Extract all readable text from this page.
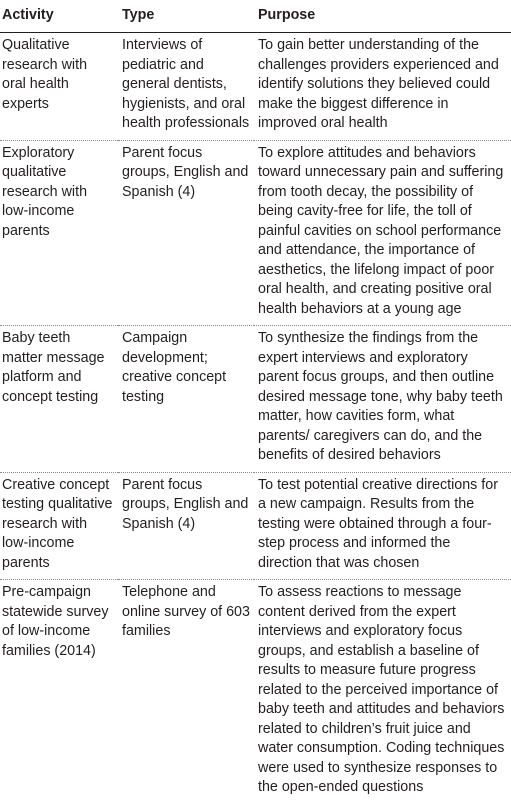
Activity	Type	Purpose
Qualitative research with oral health experts	Interviews of pediatric and general dentists, hygienists, and oral health professionals	To gain better understanding of the challenges providers experienced and identify solutions they believed could make the biggest difference in improved oral health
Exploratory qualitative research with low-income parents	Parent focus groups, English and Spanish (4)	To explore attitudes and behaviors toward unnecessary pain and suffering from tooth decay, the possibility of being cavity-free for life, the toll of painful cavities on school performance and attendance, the importance of aesthetics, the lifelong impact of poor oral health, and creating positive oral health behaviors at a young age
Baby teeth matter message platform and concept testing	Campaign development; creative concept testing	To synthesize the findings from the expert interviews and exploratory parent focus groups, and then outline desired message tone, why baby teeth matter, how cavities form, what parents/ caregivers can do, and the benefits of desired behaviors
Creative concept testing qualitative research with low-income parents	Parent focus groups, English and Spanish (4)	To test potential creative directions for a new campaign. Results from the testing were obtained through a four-step process and informed the direction that was chosen
Pre-campaign statewide survey of low-income families (2014)	Telephone and online survey of 603 families	To assess reactions to message content derived from the expert interviews and exploratory focus groups, and establish a baseline of results to measure future progress related to the perceived importance of baby teeth and attitudes and behaviors related to children’s fruit juice and water consumption. Coding techniques were used to synthesize responses to the open-ended questions
